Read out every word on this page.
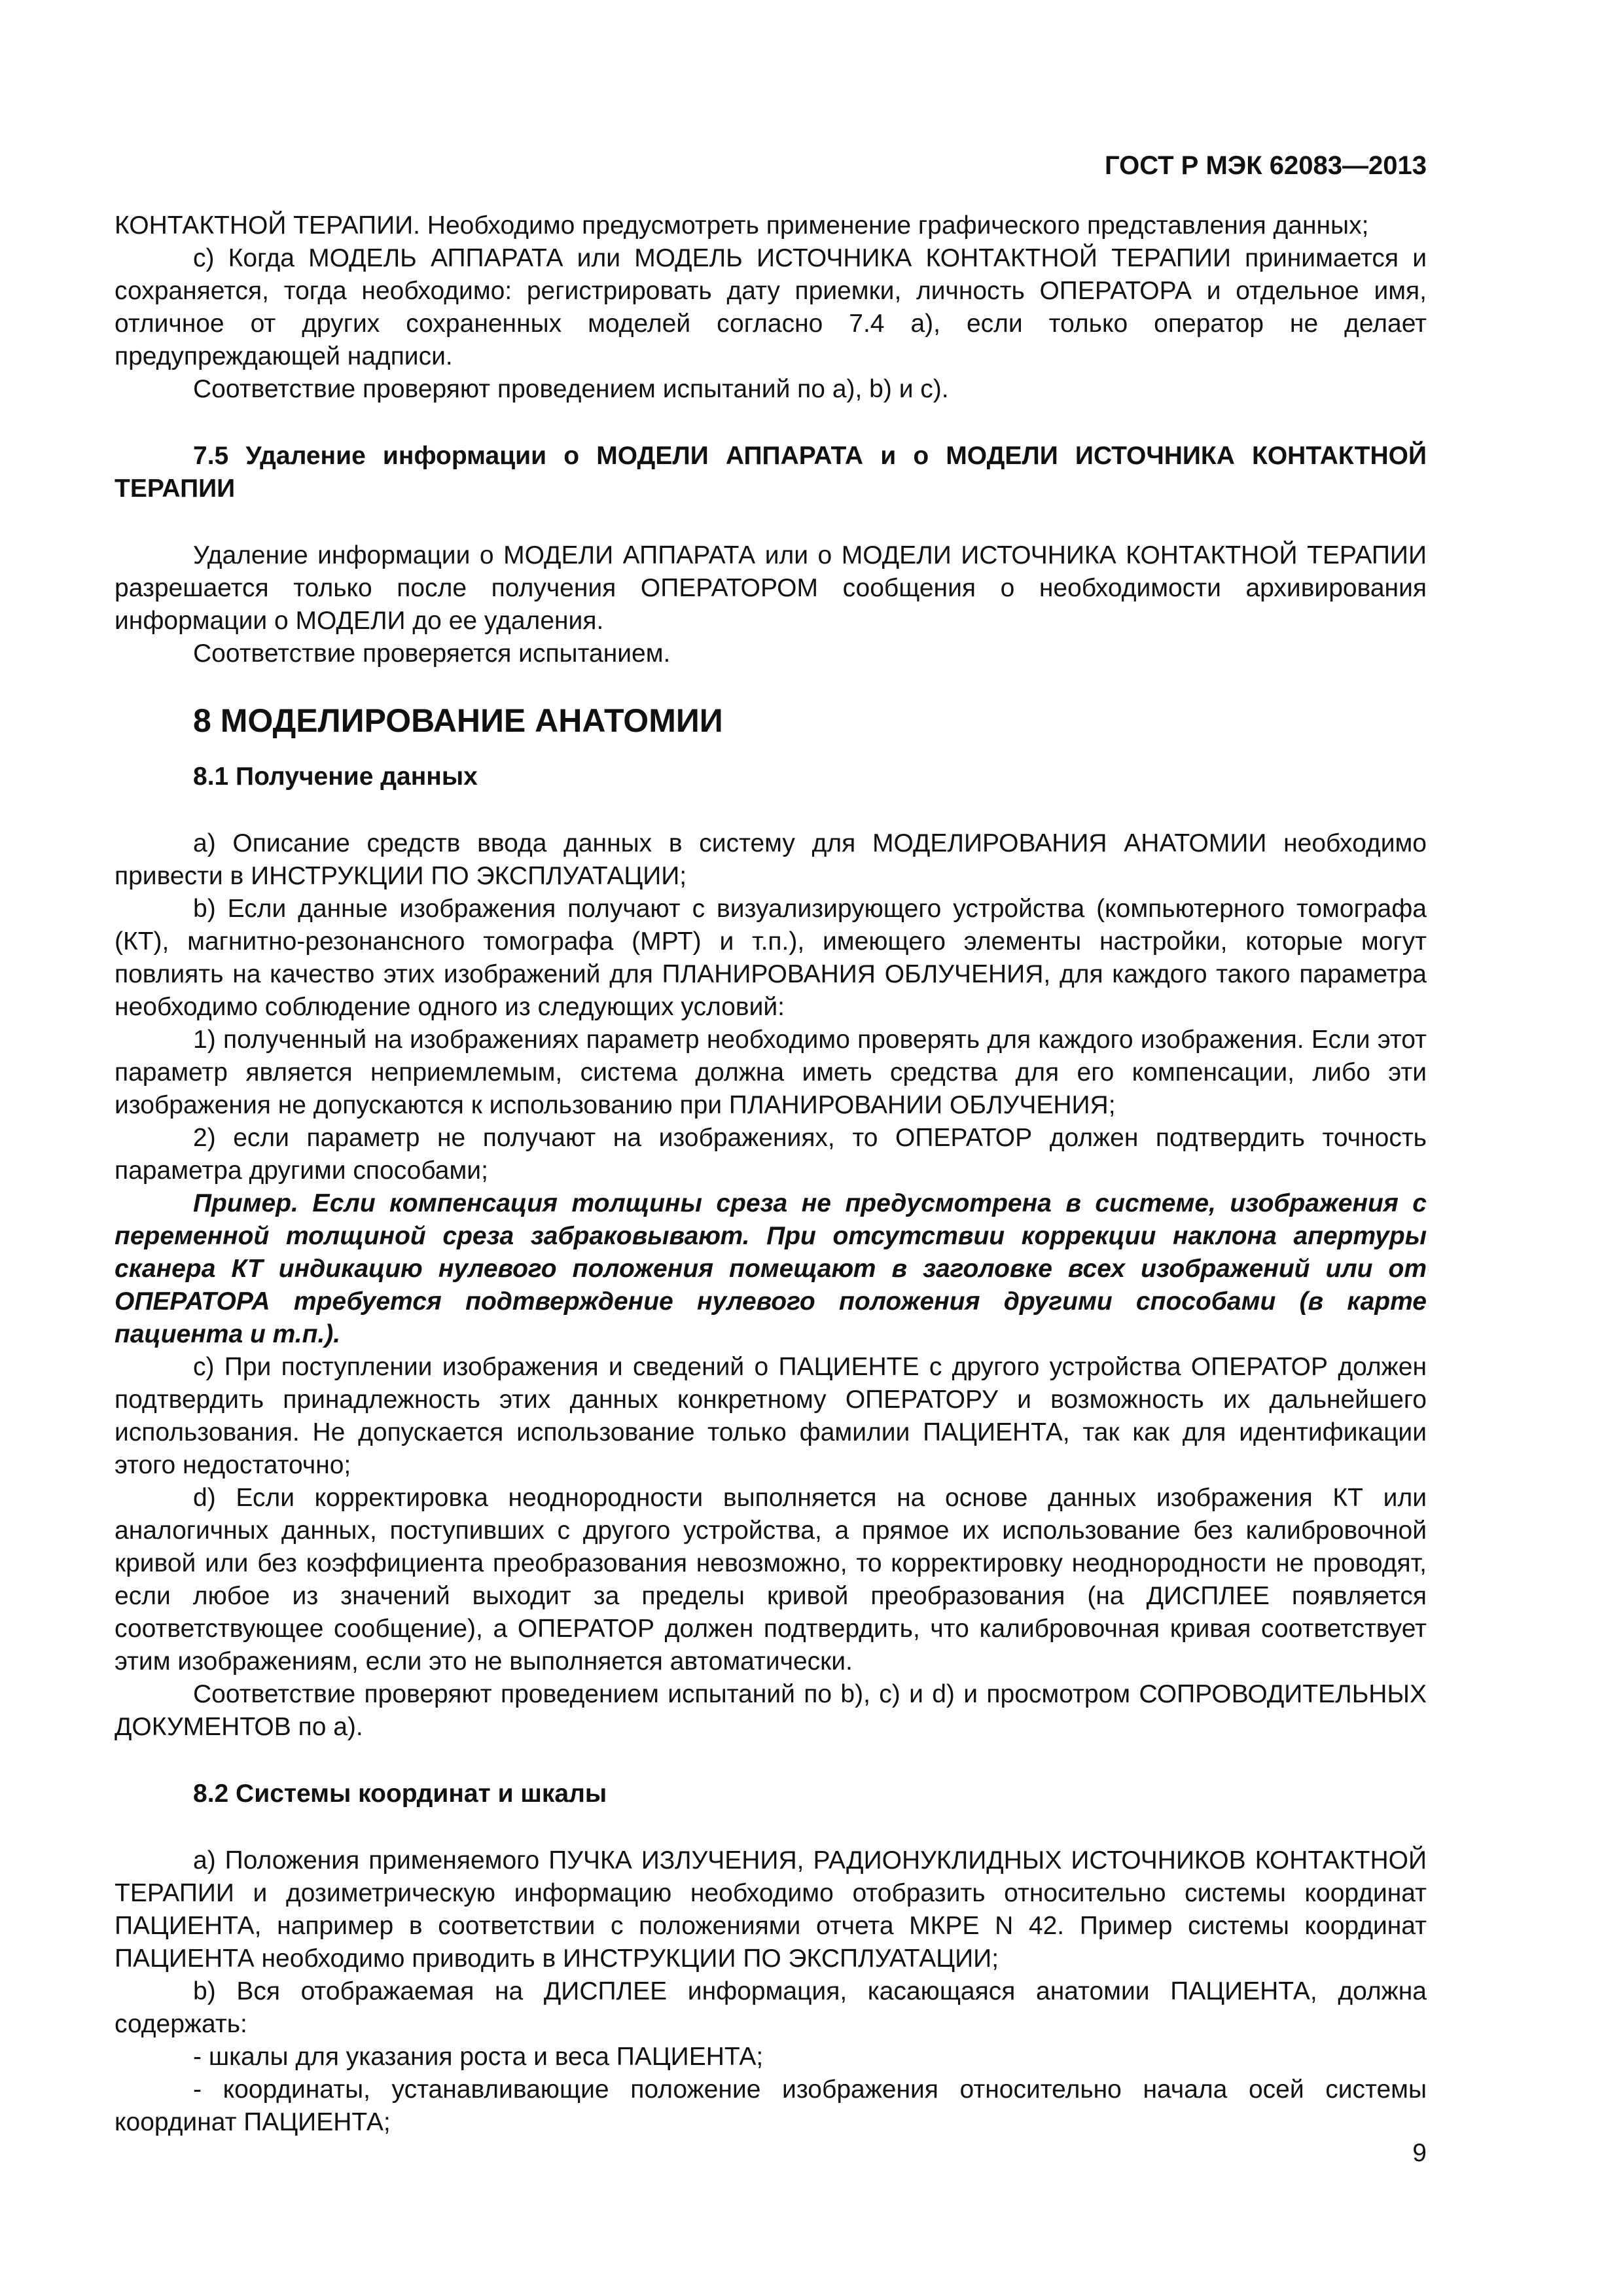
ГОСТ Р МЭК 62083—2013

КОНТАКТНОЙ ТЕРАПИИ. Необходимо предусмотреть применение графического представления данных;

с) Когда МОДЕЛЬ АППАРАТА или МОДЕЛЬ ИСТОЧНИКА КОНТАКТНОЙ ТЕРАПИИ принимается и сохраняется, тогда необходимо: регистрировать дату приемки, личность ОПЕРАТОРА и отдельное имя, отличное от других сохраненных моделей согласно 7.4 а), если только оператор не делает предупреждающей надписи.

Соответствие проверяют проведением испытаний по а), b) и с).

7.5 Удаление информации о МОДЕЛИ АППАРАТА и о МОДЕЛИ ИСТОЧНИКА КОНТАКТНОЙ ТЕРАПИИ

Удаление информации о МОДЕЛИ АППАРАТА или о МОДЕЛИ ИСТОЧНИКА КОНТАКТНОЙ ТЕРАПИИ разрешается только после получения ОПЕРАТОРОМ сообщения о необходимости архивирования информации о МОДЕЛИ до ее удаления.

Соответствие проверяется испытанием.

8 МОДЕЛИРОВАНИЕ АНАТОМИИ

8.1 Получение данных

а) Описание средств ввода данных в систему для МОДЕЛИРОВАНИЯ АНАТОМИИ необходимо привести в ИНСТРУКЦИИ ПО ЭКСПЛУАТАЦИИ;

b) Если данные изображения получают с визуализирующего устройства (компьютерного томографа (КТ), магнитно-резонансного томографа (МРТ) и т.п.), имеющего элементы настройки, которые могут повлиять на качество этих изображений для ПЛАНИРОВАНИЯ ОБЛУЧЕНИЯ, для каждого такого параметра необходимо соблюдение одного из следующих условий:

1) полученный на изображениях параметр необходимо проверять для каждого изображения. Если этот параметр является неприемлемым, система должна иметь средства для его компенсации, либо эти изображения не допускаются к использованию при ПЛАНИРОВАНИИ ОБЛУЧЕНИЯ;

2) если параметр не получают на изображениях, то ОПЕРАТОР должен подтвердить точность параметра другими способами;

Пример. Если компенсация толщины среза не предусмотрена в системе, изображения с переменной толщиной среза забраковывают. При отсутствии коррекции наклона апертуры сканера КТ индикацию нулевого положения помещают в заголовке всех изображений или от ОПЕРАТОРА требуется подтверждение нулевого положения другими способами (в карте пациента и т.п.).

с) При поступлении изображения и сведений о ПАЦИЕНТЕ с другого устройства ОПЕРАТОР должен подтвердить принадлежность этих данных конкретному ОПЕРАТОРУ и возможность их дальнейшего использования. Не допускается использование только фамилии ПАЦИЕНТА, так как для идентификации этого недостаточно;

d) Если корректировка неоднородности выполняется на основе данных изображения КТ или аналогичных данных, поступивших с другого устройства, а прямое их использование без калибровочной кривой или без коэффициента преобразования невозможно, то корректировку неоднородности не проводят, если любое из значений выходит за пределы кривой преобразования (на ДИСПЛЕЕ появляется соответствующее сообщение), а ОПЕРАТОР должен подтвердить, что калибровочная кривая соответствует этим изображениям, если это не выполняется автоматически.

Соответствие проверяют проведением испытаний по b), с) и d) и просмотром СОПРОВОДИТЕЛЬНЫХ ДОКУМЕНТОВ по а).

8.2 Системы координат и шкалы

а) Положения применяемого ПУЧКА ИЗЛУЧЕНИЯ, РАДИОНУКЛИДНЫХ ИСТОЧНИКОВ КОНТАКТНОЙ ТЕРАПИИ и дозиметрическую информацию необходимо отобразить относительно системы координат ПАЦИЕНТА, например в соответствии с положениями отчета МКРЕ N 42. Пример системы координат ПАЦИЕНТА необходимо приводить в ИНСТРУКЦИИ ПО ЭКСПЛУАТАЦИИ;

b) Вся отображаемая на ДИСПЛЕЕ информация, касающаяся анатомии ПАЦИЕНТА, должна содержать:

- шкалы для указания роста и веса ПАЦИЕНТА;

- координаты, устанавливающие положение изображения относительно начала осей системы координат ПАЦИЕНТА;

9
